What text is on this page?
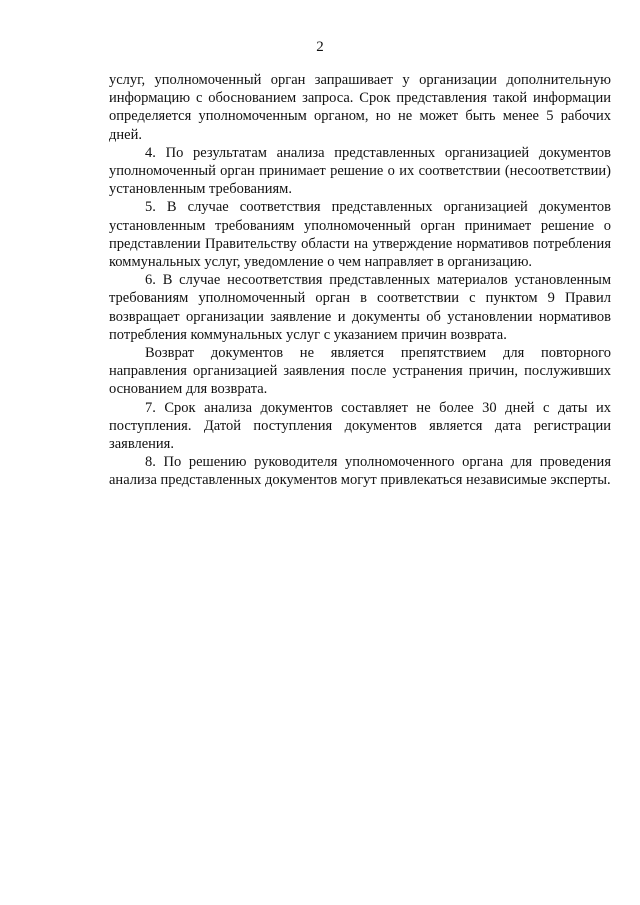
2

услуг, уполномоченный орган запрашивает у организации дополнительную информацию с обоснованием запроса. Срок представления такой информации определяется уполномоченным органом, но не может быть менее 5 рабочих дней.

4. По результатам анализа представленных организацией документов уполномоченный орган принимает решение о их соответствии (несоответствии) установленным требованиям.

5. В случае соответствия представленных организацией документов установленным требованиям уполномоченный орган принимает решение о представлении Правительству области на утверждение нормативов потребления коммунальных услуг, уведомление о чем направляет в организацию.

6. В случае несоответствия представленных материалов установленным требованиям уполномоченный орган в соответствии с пунктом 9 Правил возвращает организации заявление и документы об установлении нормативов потребления коммунальных услуг с указанием причин возврата.

Возврат документов не является препятствием для повторного направления организацией заявления после устранения причин, послуживших основанием для возврата.

7. Срок анализа документов составляет не более 30 дней с даты их поступления. Датой поступления документов является дата регистрации заявления.

8. По решению руководителя уполномоченного органа для проведения анализа представленных документов могут привлекаться независимые эксперты.
